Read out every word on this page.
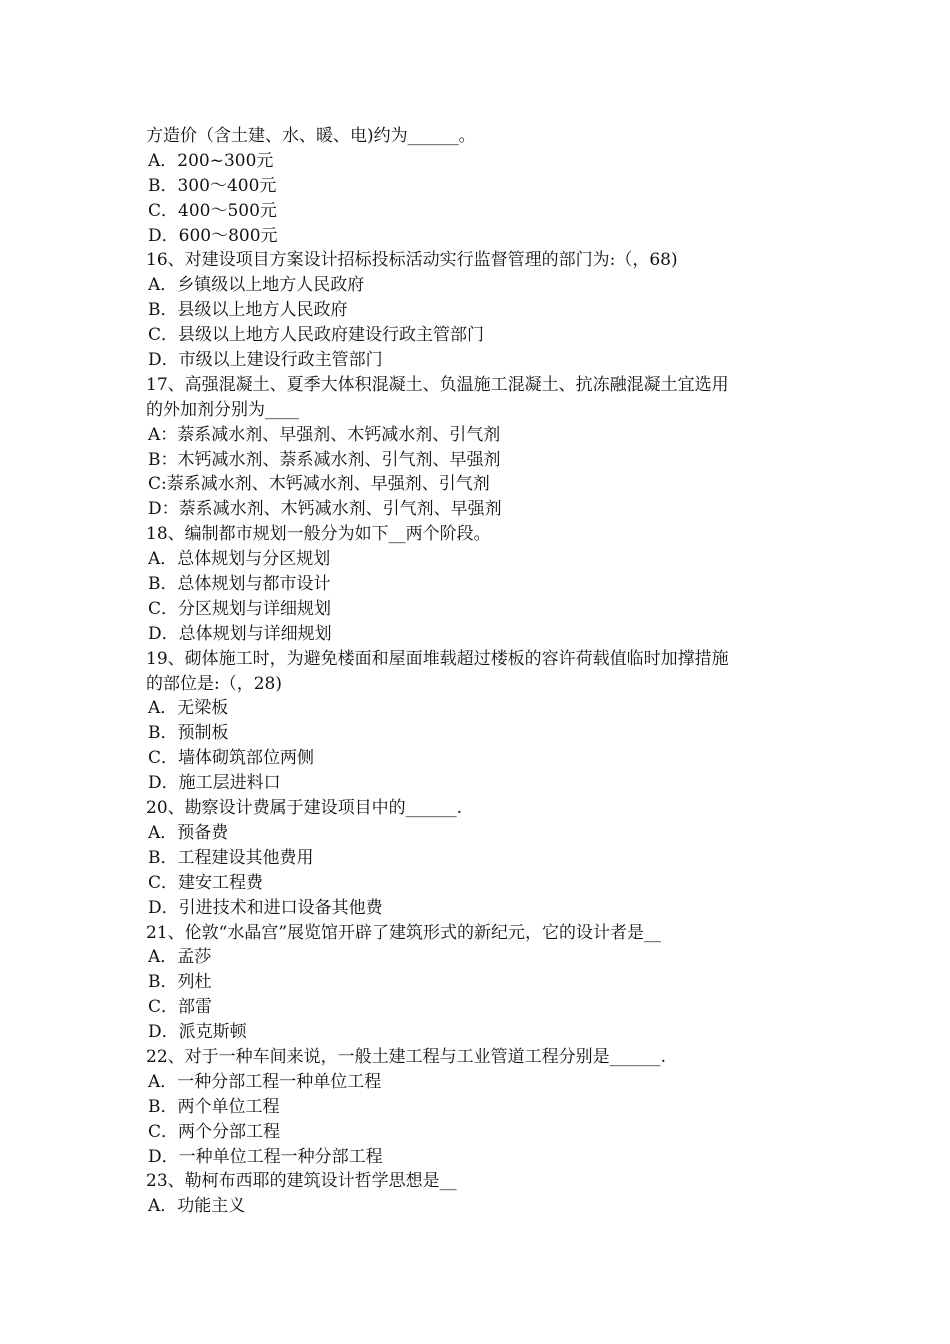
方造价（含土建、水、暖、电)约为______。

A．200~300元

B．300～400元

C．400～500元

D．600～800元

16、对建设项目方案设计招标投标活动实行监督管理的部门为:（，68)

A．乡镇级以上地方人民政府

B．县级以上地方人民政府

C．县级以上地方人民政府建设行政主管部门

D．市级以上建设行政主管部门

17、高强混凝土、夏季大体积混凝土、负温施工混凝土、抗冻融混凝土宜选用

的外加剂分别为____

A：萘系减水剂、早强剂、木钙减水剂、引气剂

B：木钙减水剂、萘系减水剂、引气剂、早强剂

C:萘系减水剂、木钙减水剂、早强剂、引气剂

D：萘系减水剂、木钙减水剂、引气剂、早强剂

18、编制都市规划一般分为如下__两个阶段。

A．总体规划与分区规划

B．总体规划与都市设计

C．分区规划与详细规划

D．总体规划与详细规划

19、砌体施工时，为避免楼面和屋面堆载超过楼板的容许荷载值临时加撑措施

的部位是:（，28)

A．无梁板

B．预制板

C．墙体砌筑部位两侧

D．施工层进料口

20、勘察设计费属于建设项目中的______.

A．预备费

B．工程建设其他费用

C．建安工程费

D．引进技术和进口设备其他费

21、伦敦“水晶宫”展览馆开辟了建筑形式的新纪元，它的设计者是__

A．孟莎

B．列杜

C．部雷

D．派克斯顿

22、对于一种车间来说，一般土建工程与工业管道工程分别是______.

A．一种分部工程一种单位工程

B．两个单位工程

C．两个分部工程

D．一种单位工程一种分部工程

23、勒柯布西耶的建筑设计哲学思想是__

A．功能主义
